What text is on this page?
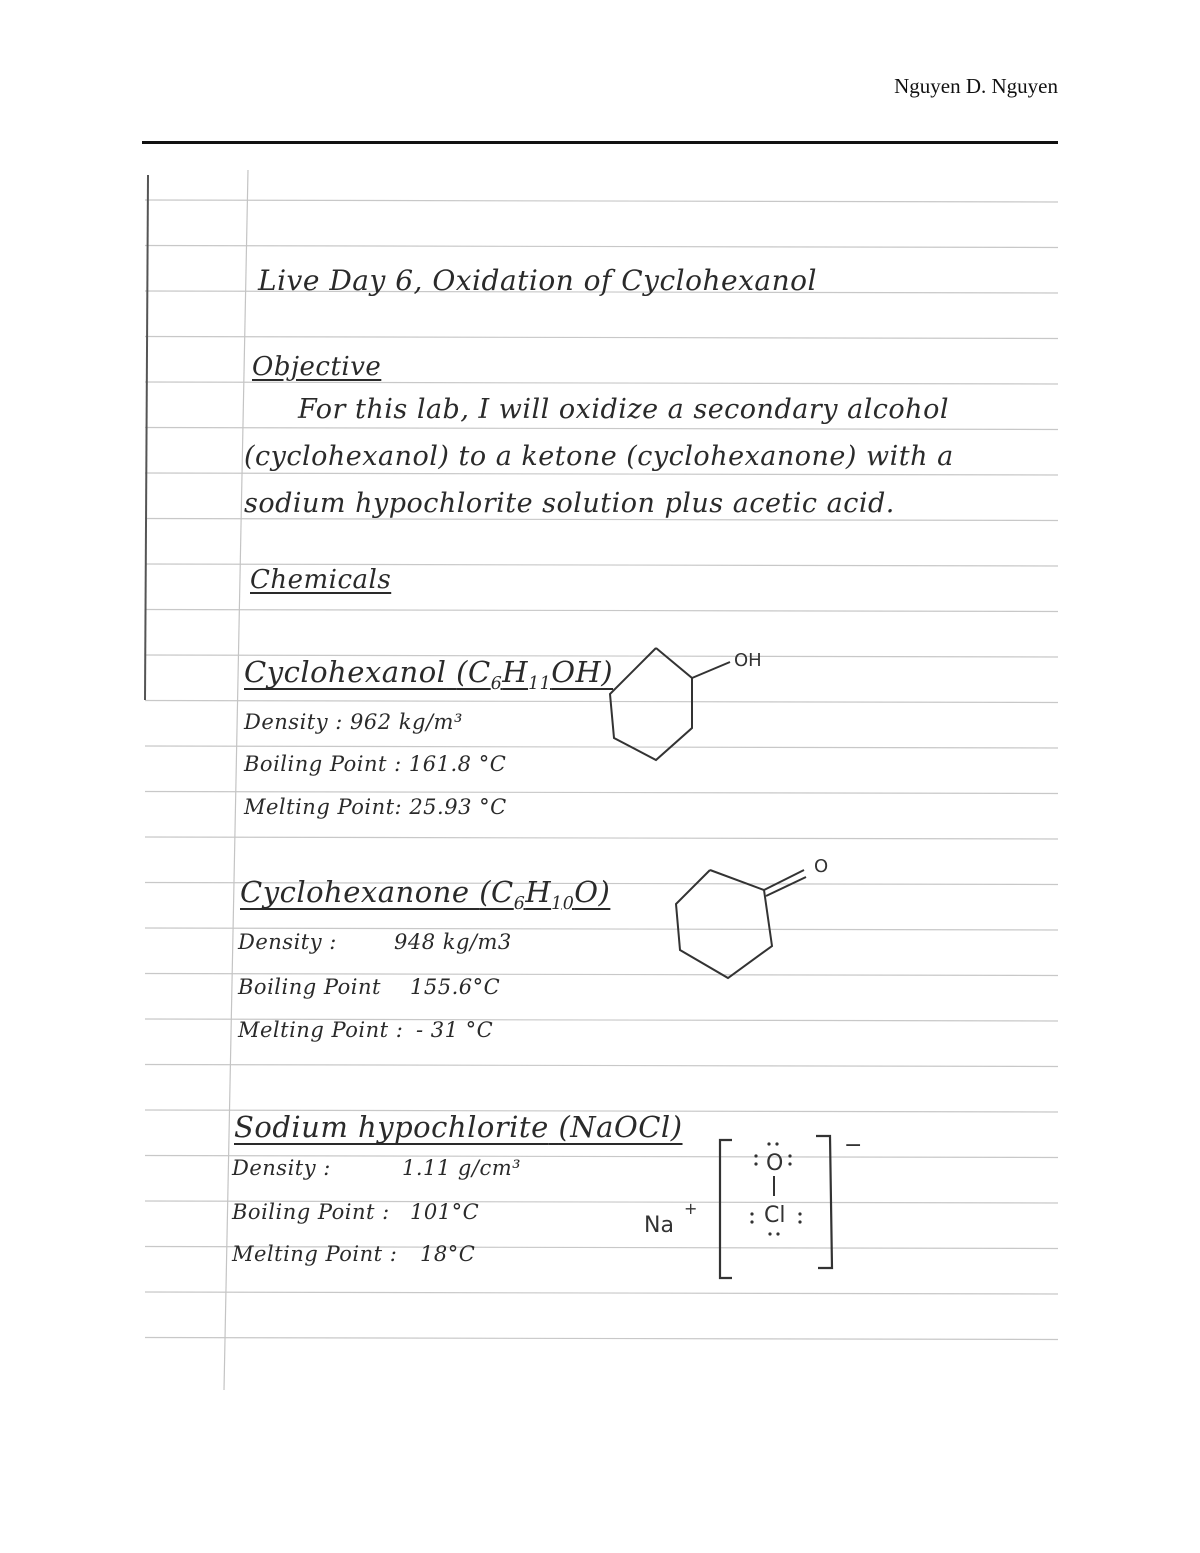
Nguyen D. Nguyen
Live Day 6, Oxidation of Cyclohexanol
Objective
For this lab, I will oxidize a secondary alcohol
(cyclohexanol) to a ketone (cyclohexanone) with a
sodium hypochlorite solution plus acetic acid.
Chemicals
Cyclohexanol $(C_6H_{11}OH)$
Density : 962 kg/m³
Boiling Point : 161.8 °C
Melting Point: 25.93 °C
OH
Cyclohexanone $(C_6H_{10}O)$
Density :	948 kg/m3
Boiling Point 155.6°C
Melting Point : - 31 °C
O
Sodium hypochlorite (NaOCl)
Density :	1.11 g/cm³
Boiling Point : 101°C
Melting Point : 18°C
Na
+
−
O
Cl
